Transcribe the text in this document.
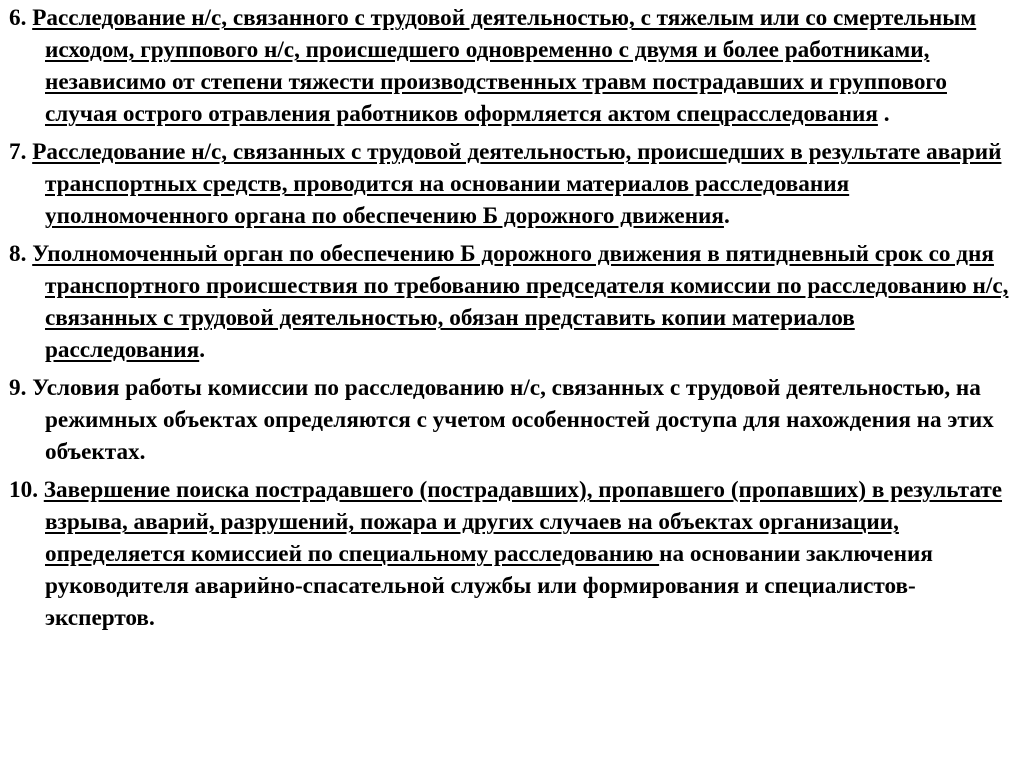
6. Расследование н/с, связанного с трудовой деятельностью, с тяжелым или со смертельным исходом, группового н/с, происшедшего одновременно с двумя и более работниками, независимо от степени тяжести производственных травм пострадавших и группового случая острого отравления работников оформляется актом спецрасследования .

7. Расследование н/с, связанных с трудовой деятельностью, происшедших в результате аварий транспортных средств, проводится на основании материалов расследования уполномоченного органа по обеспечению Б дорожного движения.

8. Уполномоченный орган по обеспечению Б дорожного движения в пятидневный срок со дня транспортного происшествия по требованию председателя комиссии по расследованию н/с, связанных с трудовой деятельностью, обязан представить копии материалов расследования.

9. Условия работы комиссии по расследованию н/с, связанных с трудовой деятельностью, на режимных объектах определяются с учетом особенностей доступа для нахождения на этих объектах.

10. Завершение поиска пострадавшего (пострадавших), пропавшего (пропавших) в результате взрыва, аварий, разрушений, пожара и других случаев на объектах организации, определяется комиссией по специальному расследованию на основании заключения руководителя аварийно-спасательной службы или формирования и специалистов-экспертов.
